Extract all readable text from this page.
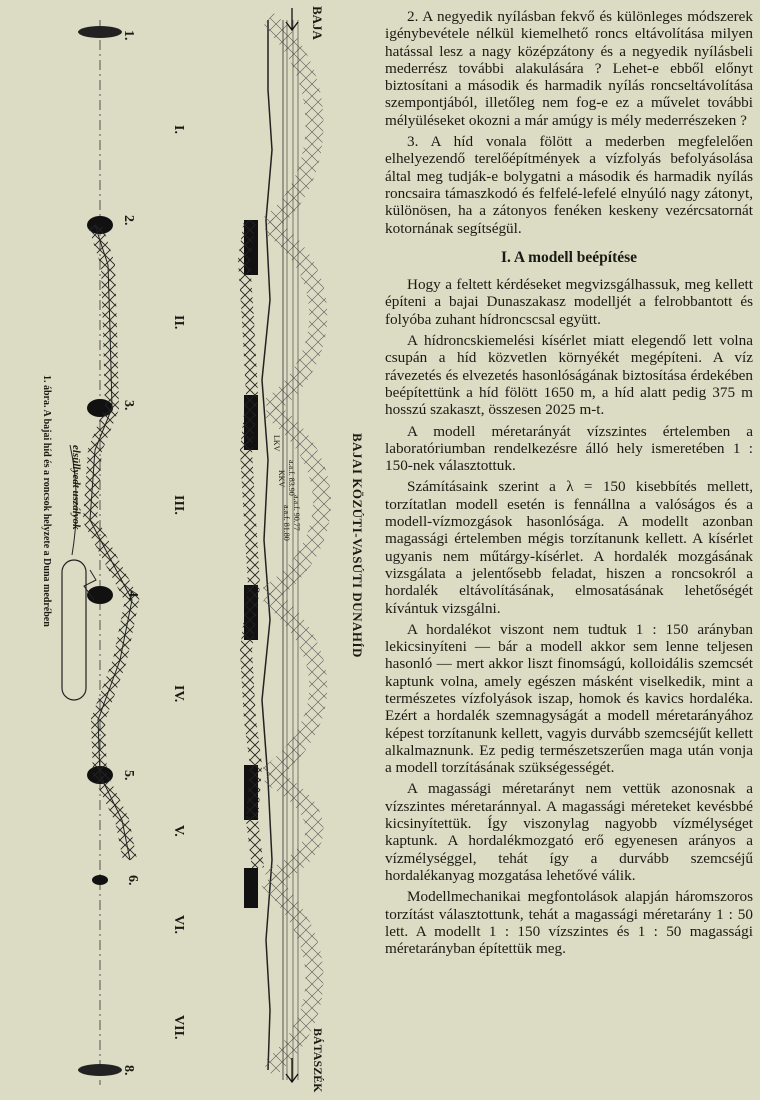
1.
2.
3.
4.
5.
6.
8.
I.
II.
III.
IV.
V.
VI.
VII.
elsüllyedt uszályok
LKV
KKV
a.a.f. 81.80
a.a.f. 83.90
a.a.f. 90.77
BAJA
BÁTASZÉK
BAJAI KÖZÚTI-VASÚTI DUNAHÍD
1. ábra. A bajai híd és a roncsok helyzete a Duna medrében

2. A negyedik nyílásban fekvő és különleges módszerek igénybevétele nélkül kiemelhető roncs eltávolítása milyen hatással lesz a nagy középzátony és a negyedik nyílásbeli mederrész további alakulására ? Lehet-e ebből előnyt biztosítani a második és harmadik nyílás roncseltávolítása szempontjából, illetőleg nem fog-e ez a művelet további mélyüléseket okozni a már amúgy is mély mederrészeken ?

3. A híd vonala fölött a mederben megfelelően elhelyezendő terelőépítmények a vízfolyás befolyásolása által meg tudják-e bolygatni a második és harmadik nyílás roncsaira támaszkodó és felfelé-lefelé elnyúló nagy zátonyt, különösen, ha a zátonyos fenéken keskeny vezércsatornát kotornának segítségül.

I. A modell beépítése

Hogy a feltett kérdéseket megvizsgálhassuk, meg kellett építeni a bajai Dunaszakasz modelljét a felrobbantott és folyóba zuhant hídroncscsal együtt.

A hídroncskiemelési kísérlet miatt elegendő lett volna csupán a híd közvetlen környékét megépíteni. A víz rávezetés és elvezetés hasonlóságának biztosítása érdekében beépítettünk a híd fölött 1650 m, a híd alatt pedig 375 m hosszú szakaszt, összesen 2025 m-t.

A modell méretarányát vízszintes értelemben a laboratóriumban rendelkezésre álló hely ismeretében 1 : 150-nek választottuk.

Számításaink szerint a λ = 150 kisebbítés mellett, torzítatlan modell esetén is fennállna a valóságos és a modell-vízmozgások hasonlósága. A modellt azonban magassági értelemben mégis torzítanunk kellett. A kísérlet ugyanis nem műtárgy-kísérlet. A hordalék mozgásának vizsgálata a jelentősebb feladat, hiszen a roncsokról a hordalék eltávolításának, elmosatásának lehetőségét kívántuk vizsgálni.

A hordalékot viszont nem tudtuk 1 : 150 arányban lekicsinyíteni — bár a modell akkor sem lenne teljesen hasonló — mert akkor liszt finomságú, kolloidális szemcsét kaptunk volna, amely egészen másként viselkedik, mint a természetes vízfolyások iszap, homok és kavics hordaléka. Ezért a hordalék szemnagyságát a modell méretarányához képest torzítanunk kellett, vagyis durvább szemcséjűt kellett alkalmaznunk. Ez pedig természetszerűen maga után vonja a modell torzításának szükségességét.

A magassági méretarányt nem vettük azonosnak a vízszintes méretaránnyal. A magassági méreteket kevésbbé kicsinyítettük. Így viszonylag nagyobb vízmélységet kaptunk. A hordalékmozgató erő egyenesen arányos a vízmélységgel, tehát így a durvább szemcséjű hordalékanyag mozgatása lehetővé válik.

Modellmechanikai megfontolások alapján háromszoros torzítást választottunk, tehát a magassági méretarány 1 : 50 lett. A modellt 1 : 150 vízszintes és 1 : 50 magassági méretarányban építettük meg.
